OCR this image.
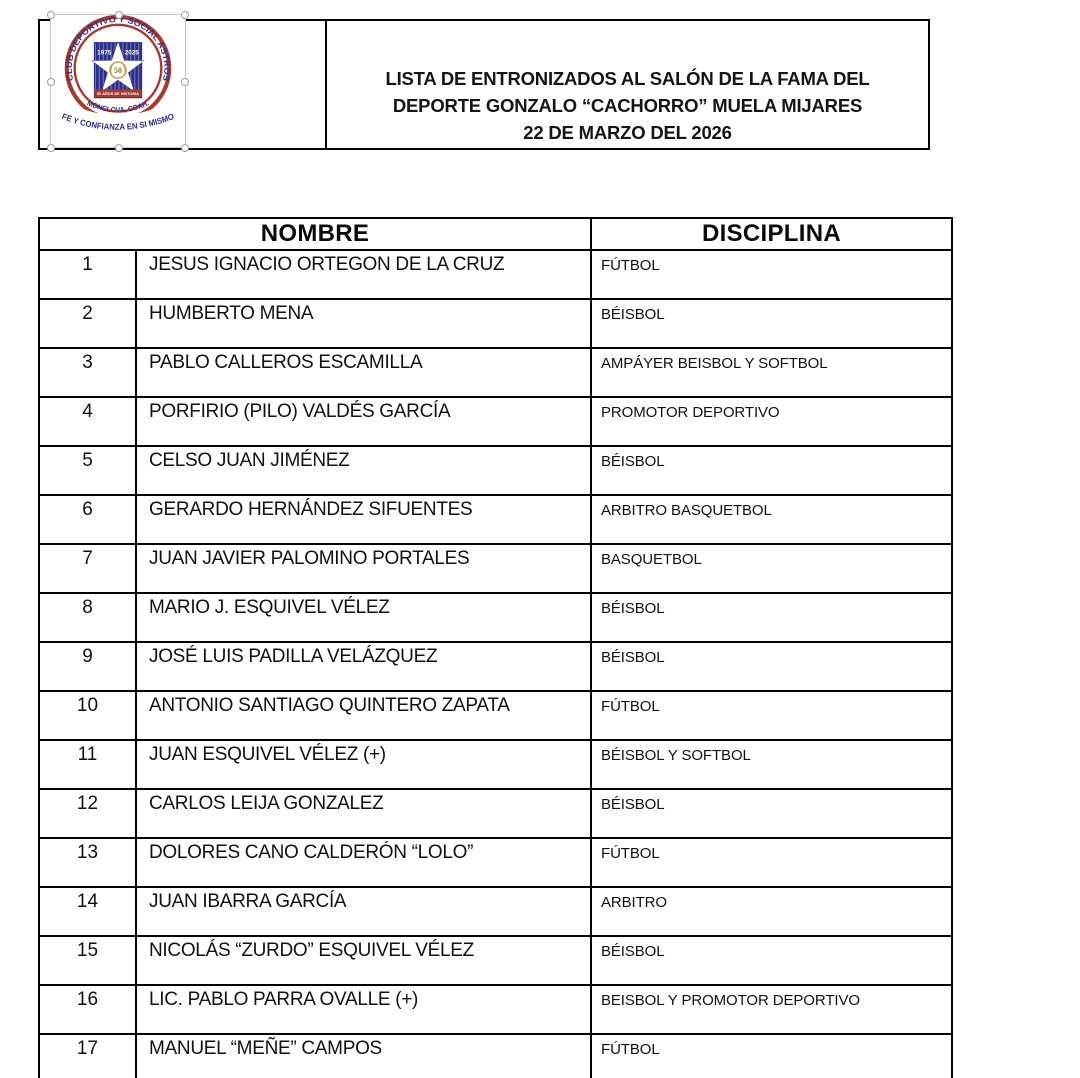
LISTA DE ENTRONIZADOS AL SALÓN DE LA FAMA DEL
DEPORTE GONZALO “CACHORRO” MUELA MIJARES
22 DE MARZO DEL 2026
1975 2025
50 AÑOS DE HISTORIA
50
CLUB DEPORTIVO Y SOCIAL ASTROS
MONCLOVA, COAH.
FE Y CONFIANZA EN SI MISMO
NOMBRE		DISCIPLINA
1	JESUS IGNACIO ORTEGON DE LA CRUZ	FÚTBOL
2	HUMBERTO MENA	BÉISBOL
3	PABLO CALLEROS ESCAMILLA	AMPÁYER BEISBOL Y SOFTBOL
4	PORFIRIO (PILO) VALDÉS GARCÍA	PROMOTOR DEPORTIVO
5	CELSO JUAN JIMÉNEZ	BÉISBOL
6	GERARDO HERNÁNDEZ SIFUENTES	ARBITRO BASQUETBOL
7	JUAN JAVIER PALOMINO PORTALES	BASQUETBOL
8	MARIO J. ESQUIVEL VÉLEZ	BÉISBOL
9	JOSÉ LUIS PADILLA VELÁZQUEZ	BÉISBOL
10	ANTONIO SANTIAGO QUINTERO ZAPATA	FÚTBOL
11	JUAN ESQUIVEL VÉLEZ (+)	BÉISBOL Y SOFTBOL
12	CARLOS LEIJA GONZALEZ	BÉISBOL
13	DOLORES CANO CALDERÓN “LOLO”	FÚTBOL
14	JUAN IBARRA GARCÍA	ARBITRO
15	NICOLÁS “ZURDO” ESQUIVEL VÉLEZ	BÉISBOL
16	LIC. PABLO PARRA OVALLE (+)	BEISBOL Y PROMOTOR DEPORTIVO
17	MANUEL “MEÑE” CAMPOS	FÚTBOL
